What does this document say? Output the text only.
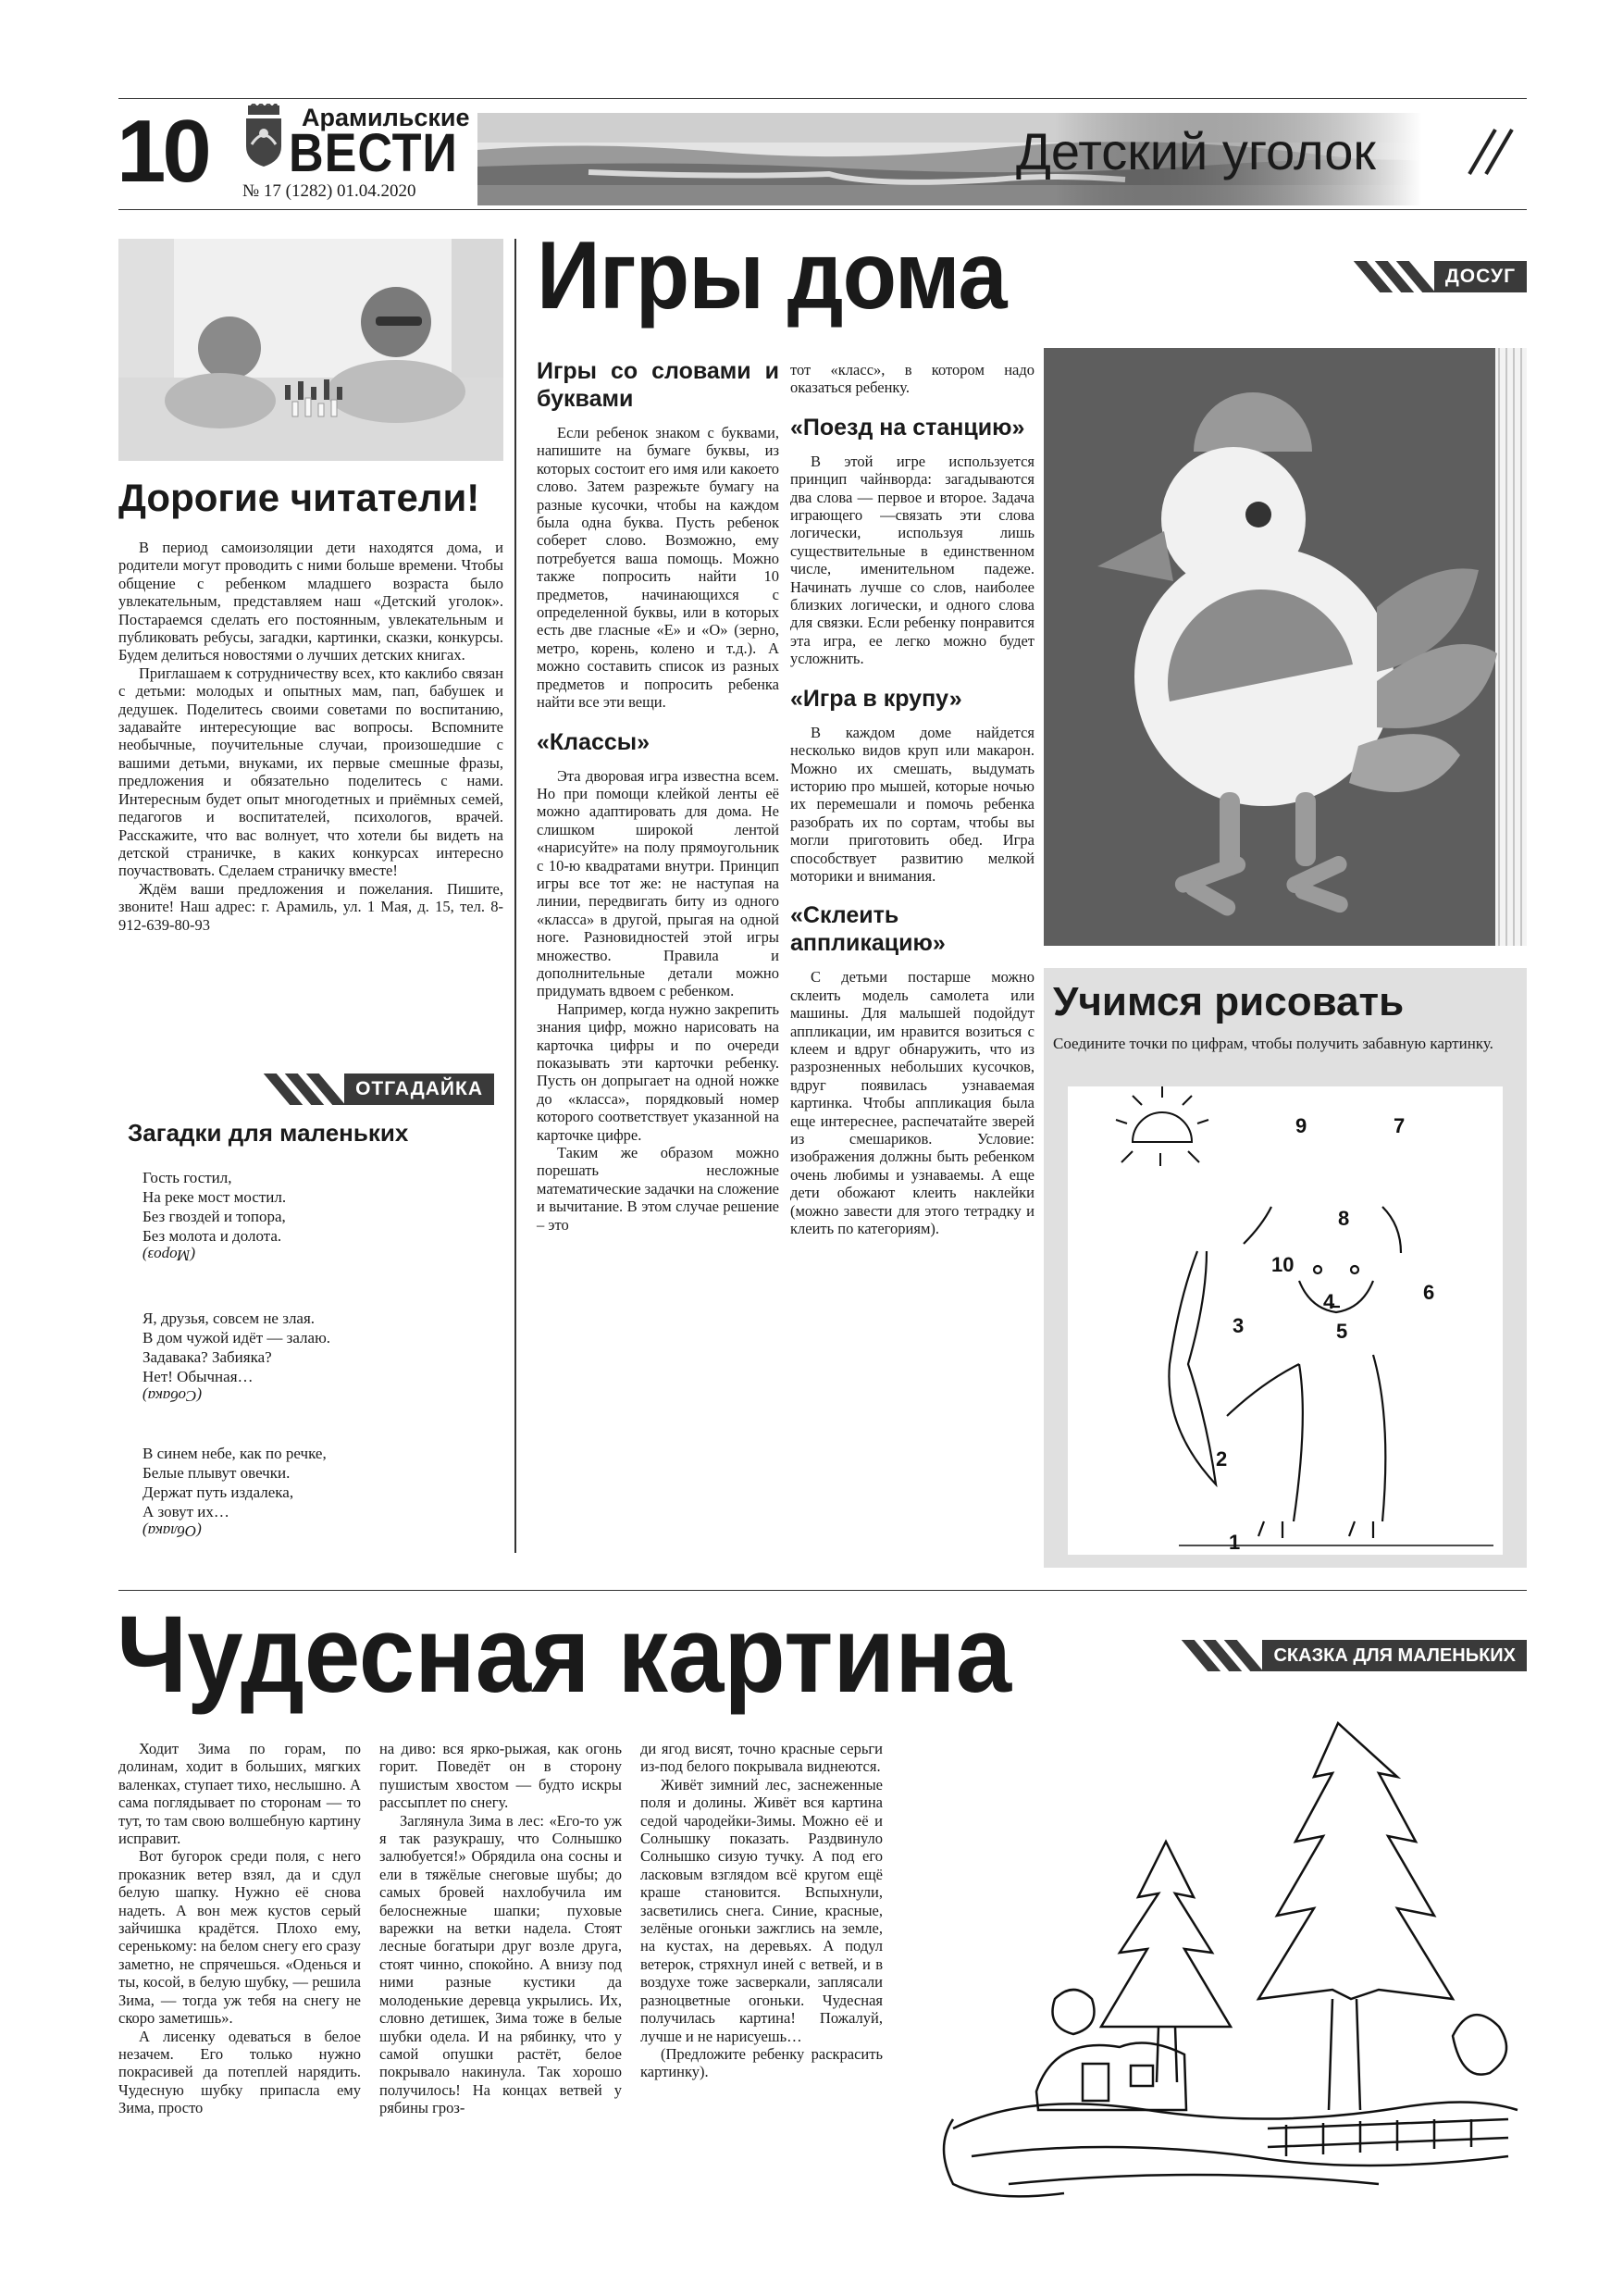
10	Арамильские
ВЕСТИ
№ 17 (1282) 01.04.2020
Детский уголок
Дорогие читатели!

В период самоизоляции дети находятся дома, и родители могут проводить с ними больше времени. Чтобы общение с ребенком младшего возраста было увлекательным, представляем наш «Детский уголок». Постараемся сделать его постоянным, увлекательным и публиковать ребусы, загадки, картинки, сказки, конкурсы. Будем делиться новостями о лучших детских книгах.

Приглашаем к сотрудничеству всех, кто каклибо связан с детьми: молодых и опытных мам, пап, бабушек и дедушек. Поделитесь своими советами по воспитанию, задавайте интересующие вас вопросы. Вспомните необычные, поучительные случаи, произошедшие с вашими детьми, внуками, их первые смешные фразы, предложения и обязательно поделитесь с нами. Интересным будет опыт многодетных и приёмных семей, педагогов и воспитателей, психологов, врачей. Расскажите, что вас волнует, что хотели бы видеть на детской страничке, в каких конкурсах интересно поучаствовать. Сделаем страничку вместе!

Ждём ваши предложения и пожелания. Пишите, звоните! Наш адрес: г. Арамиль, ул. 1 Мая, д. 15, тел. 8-912-639-80-93

ОТГАДАЙКА
Загадки для маленьких
Гость гостил,
На реке мост мостил.
Без гвоздей и топора,
Без молота и долота.
(Мороз)
Я, друзья, совсем не злая.
В дом чужой идёт — залаю.
Задавака? Забияка?
Нет! Обычная…
(Собака)
В синем небе, как по речке,
Белые плывут овечки.
Держат путь издалека,
А зовут их…
(Облака)
Игры дома	ДОСУГ
Игры со словами и буквами

Если ребенок знаком с буквами, напишите на бумаге буквы, из которых состоит его имя или какоето слово. Затем разрежьте бумагу на разные кусочки, чтобы на каждом была одна буква. Пусть ребенок соберет слово. Возможно, ему потребуется ваша помощь. Можно также попросить найти 10 предметов, начинающихся с определенной буквы, или в которых есть две гласные «Е» и «О» (зерно, метро, корень, колено и т.д.). А можно составить список из разных предметов и попросить ребенка найти все эти вещи.

«Классы»

Эта дворовая игра известна всем. Но при помощи клейкой ленты её можно адаптировать для дома. Не слишком широкой лентой «нарисуйте» на полу прямоугольник с 10-ю квадратами внутри. Принцип игры все тот же: не наступая на линии, передвигать биту из одного «класса» в другой, прыгая на одной ноге. Разновидностей этой игры множество. Правила и дополнительные детали можно придумать вдвоем с ребенком.

Например, когда нужно закрепить знания цифр, можно нарисовать на карточка цифры и по очереди показывать эти карточки ребенку. Пусть он допрыгает на одной ножке до «класса», порядковый номер которого соответствует указанной на карточке цифре.

Таким же образом можно порешать несложные математические задачки на сложение и вычитание. В этом случае решение – это

тот «класс», в котором надо оказаться ребенку.

«Поезд на станцию»

В этой игре используется принцип чайнворда: загадываются два слова — первое и второе. Задача играющего —связать эти слова логически, используя лишь существительные в единственном числе, именительном падеже. Начинать лучше со слов, наиболее близких логически, и одного слова для связки. Если ребенку понравится эта игра, ее легко можно будет усложнить.

«Игра в крупу»

В каждом доме найдется несколько видов круп или макарон. Можно их смешать, выдумать историю про мышей, которые ночью их перемешали и помочь ребенка разобрать их по сортам, чтобы вы могли приготовить обед. Игра способствует развитию мелкой моторики и внимания.

«Склеить аппликацию»

С детьми постарше можно склеить модель самолета или машины. Для малышей подойдут аппликации, им нравится возиться с клеем и вдруг обнаружить, что из разрозненных небольших кусочков, вдруг появилась узнаваемая картинка. Чтобы аппликация была еще интереснее, распечатайте зверей из смешариков. Условие: изображения должны быть ребенком очень любимы и узнаваемы. А еще дети обожают клеить наклейки (можно завести для этого тетрадку и клеить по категориям).

Учимся рисовать
Соедините точки по цифрам, чтобы получить забавную картинку.
1
2
3
4
5
6
7
8
9
10
Чудесная картина	СКАЗКА ДЛЯ МАЛЕНЬКИХ

Ходит Зима по горам, по долинам, ходит в больших, мягких валенках, ступает тихо, неслышно. А сама поглядывает по сторонам — то тут, то там свою волшебную картину исправит.

Вот бугорок среди поля, с него проказник ветер взял, да и сдул белую шапку. Нужно её снова надеть. А вон меж кустов серый зайчишка крадётся. Плохо ему, серенькому: на белом снегу его сразу заметно, не спрячешься. «Оденься и ты, косой, в белую шубку, — решила Зима, — тогда уж тебя на снегу не скоро заметишь».

А лисенку одеваться в белое незачем. Его только нужно покрасивей да потеплей нарядить. Чудесную шубку припасла ему Зима, просто

на диво: вся ярко-рыжая, как огонь горит. Поведёт он в сторону пушистым хвостом — будто искры рассыплет по снегу.

Заглянула Зима в лес: «Его-то уж я так разукрашу, что Солнышко залюбуется!» Обрядила она сосны и ели в тяжёлые снеговые шубы; до самых бровей нахлобучила им белоснежные шапки; пуховые варежки на ветки надела. Стоят лесные богатыри друг возле друга, стоят чинно, спокойно. А внизу под ними разные кустики да молоденькие деревца укрылись. Их, словно детишек, Зима тоже в белые шубки одела. И на рябинку, что у самой опушки растёт, белое покрывало накинула. Так хорошо получилось! На концах ветвей у рябины гроз-

ди ягод висят, точно красные серьги из-под белого покрывала виднеются.

Живёт зимний лес, заснеженные поля и долины. Живёт вся картина седой чародейки-Зимы. Можно её и Солнышку показать. Раздвинуло Солнышко сизую тучку. А под его ласковым взглядом всё кругом ещё краше становится. Вспыхнули, засветились снега. Синие, красные, зелёные огоньки зажглись на земле, на кустах, на деревьях. А подул ветерок, стряхнул иней с ветвей, и в воздухе тоже засверкали, заплясали разноцветные огоньки. Чудесная получилась картина! Пожалуй, лучше и не нарисуешь…

(Предложите ребенку раскрасить картинку).
